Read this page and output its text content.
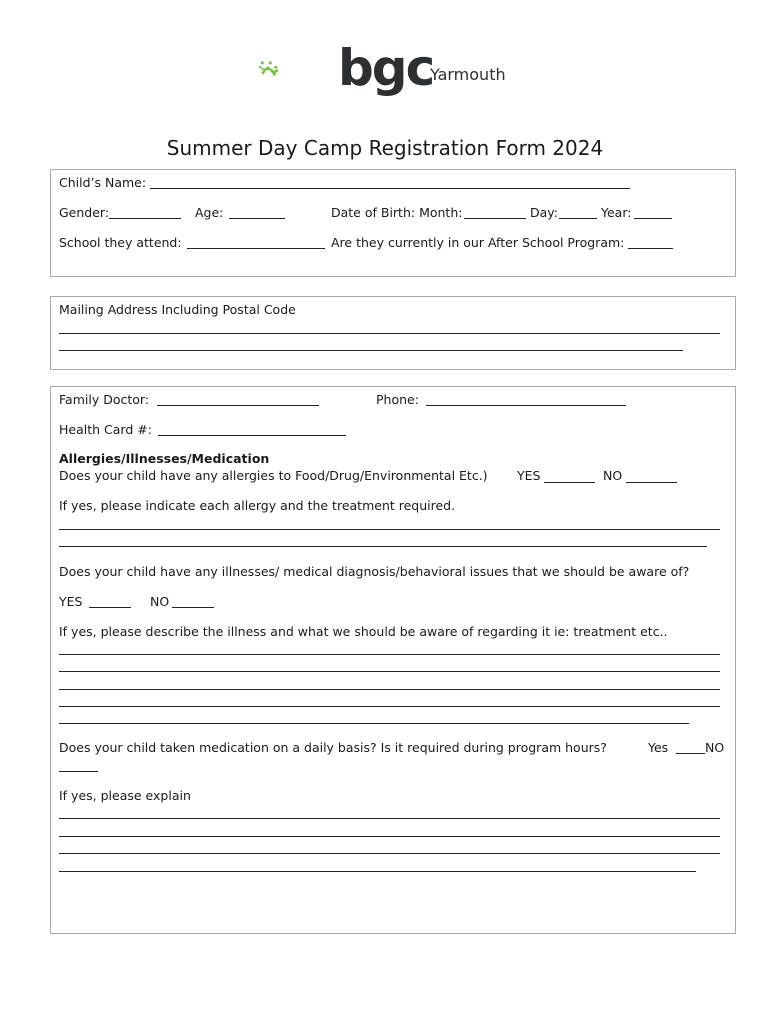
bgc
Yarmouth
Summer Day Camp Registration Form 2024
Child’s Name:
Gender:	Age:	Date of Birth: Month:	Day:	Year:
School they attend:	Are they currently in our After School Program:
Mailing Address Including Postal Code
Family Doctor:	Phone:
Health Card #:
Allergies/Illnesses/Medication
Does your child have any allergies to Food/Drug/Environmental Etc.) YES	NO
If yes, please indicate each allergy and the treatment required.
Does your child have any illnesses/ medical diagnosis/behavioral issues that we should be aware of?
YES	NO
If yes, please describe the illness and what we should be aware of regarding it ie: treatment etc..
Does your child taken medication on a daily basis? Is it required during program hours?	Yes	NO
If yes, please explain
